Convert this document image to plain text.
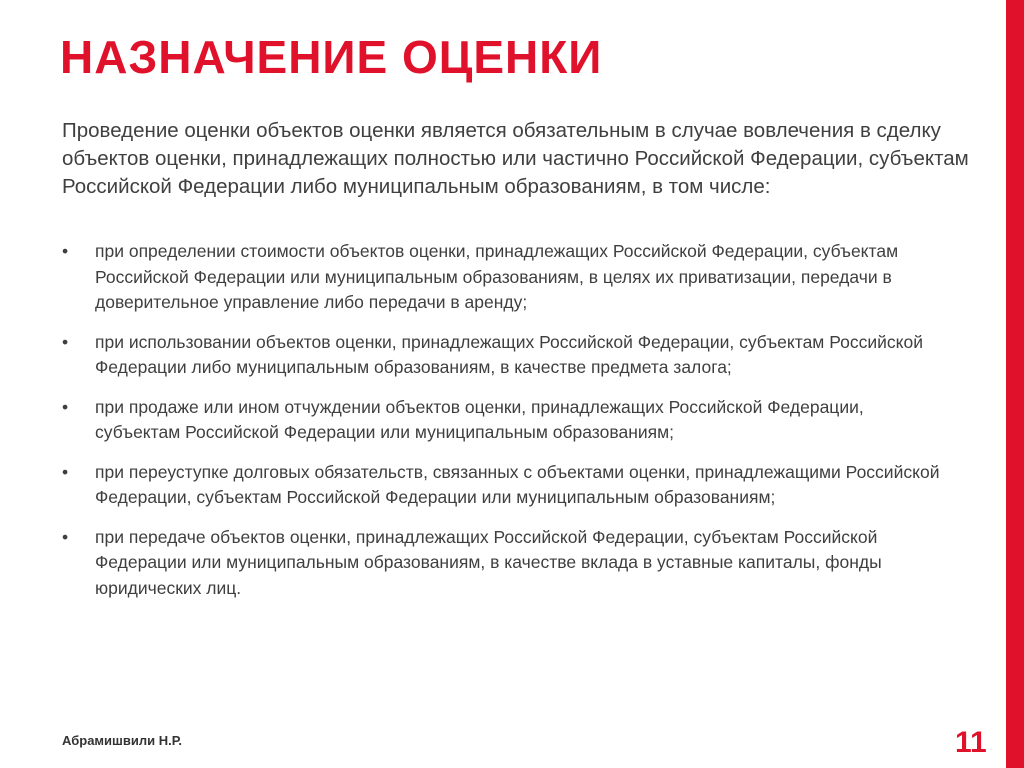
НАЗНАЧЕНИЕ ОЦЕНКИ

Проведение оценки объектов оценки является обязательным в случае вовлечения в сделку объектов оценки, принадлежащих полностью или частично Российской Федерации, субъектам Российской Федерации либо муниципальным образованиям, в том числе:

• при определении стоимости объектов оценки, принадлежащих Российской Федерации, субъектам Российской Федерации или муниципальным образованиям, в целях их приватизации, передачи в доверительное управление либо передачи в аренду;
• при использовании объектов оценки, принадлежащих Российской Федерации, субъектам Российской Федерации либо муниципальным образованиям, в качестве предмета залога;
• при продаже или ином отчуждении объектов оценки, принадлежащих Российской Федерации, субъектам Российской Федерации или муниципальным образованиям;
• при переуступке долговых обязательств, связанных с объектами оценки, принадлежащими Российской Федерации, субъектам Российской Федерации или муниципальным образованиям;
• при передаче объектов оценки, принадлежащих Российской Федерации, субъектам Российской Федерации или муниципальным образованиям, в качестве вклада в уставные капиталы, фонды юридических лиц.
Абрамишвили Н.Р.	11
